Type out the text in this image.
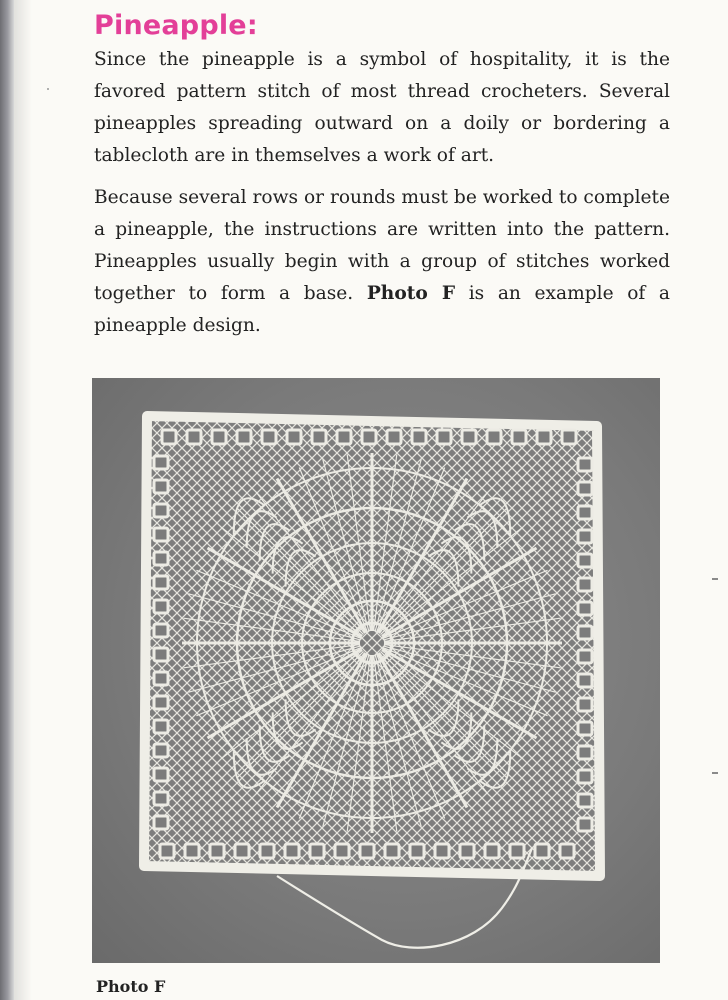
Pineapple:

Since the pineapple is a symbol of hospitality, it is the favored pattern stitch of most thread crocheters. Several pineapples spreading outward on a doily or bordering a tablecloth are in themselves a work of art.

Because several rows or rounds must be worked to complete a pineapple, the instructions are written into the pattern. Pineapples usually begin with a group of stitches worked together to form a base. Photo F is an example of a pineapple design.

Photo F
